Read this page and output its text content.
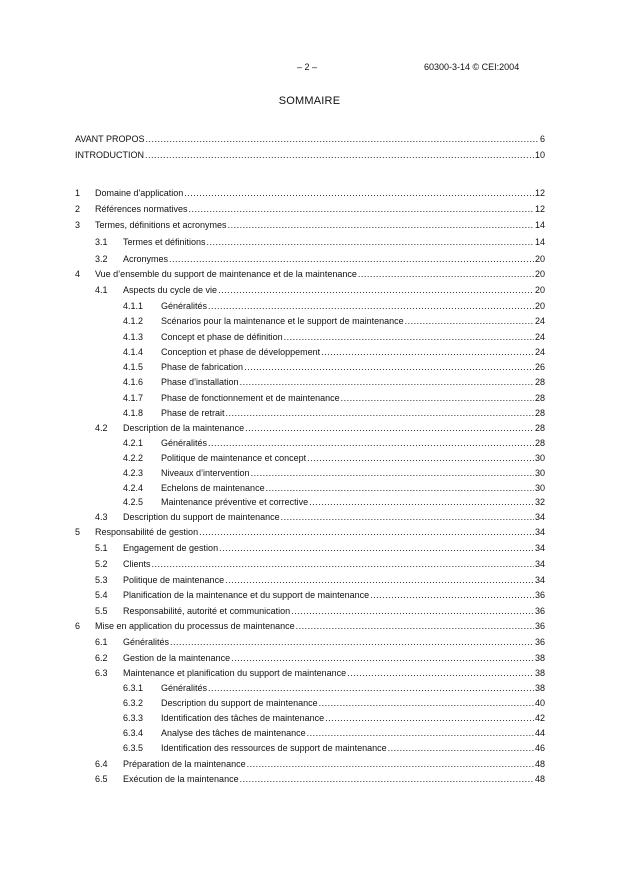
– 2 –	60300-3-14 © CEI:2004
SOMMAIRE
AVANT PROPOS .....	6
INTRODUCTION .....	10
1 Domaine d'application .....	12
2 Références normatives .....	12
3 Termes, définitions et acronymes .....	14
3.1 Termes et définitions .....	14
3.2 Acronymes .....	20
4 Vue d’ensemble du support de maintenance et de la maintenance .....	20
4.1 Aspects du cycle de vie .....	20
4.1.1 Généralités .....	20
4.1.2 Scénarios pour la maintenance et le support de maintenance .....	24
4.1.3 Concept et phase de définition .....	24
4.1.4 Conception et phase de développement .....	24
4.1.5 Phase de fabrication .....	26
4.1.6 Phase d’installation .....	28
4.1.7 Phase de fonctionnement et de maintenance .....	28
4.1.8 Phase de retrait .....	28
4.2 Description de la maintenance .....	28
4.2.1 Généralités .....	28
4.2.2 Politique de maintenance et concept .....	30
4.2.3 Niveaux d’intervention .....	30
4.2.4 Echelons de maintenance .....	30
4.2.5 Maintenance préventive et corrective .....	32
4.3 Description du support de maintenance .....	34
5 Responsabilité de gestion .....	34
5.1 Engagement de gestion .....	34
5.2 Clients .....	34
5.3 Politique de maintenance .....	34
5.4 Planification de la maintenance et du support de maintenance .....	36
5.5 Responsabilité, autorité et communication .....	36
6 Mise en application du processus de maintenance .....	36
6.1 Généralités .....	36
6.2 Gestion de la maintenance .....	38
6.3 Maintenance et planification du support de maintenance .....	38
6.3.1 Généralités .....	38
6.3.2 Description du support de maintenance .....	40
6.3.3 Identification des tâches de maintenance .....	42
6.3.4 Analyse des tâches de maintenance .....	44
6.3.5 Identification des ressources de support de maintenance .....	46
6.4 Préparation de la maintenance .....	48
6.5 Exécution de la maintenance .....	48
